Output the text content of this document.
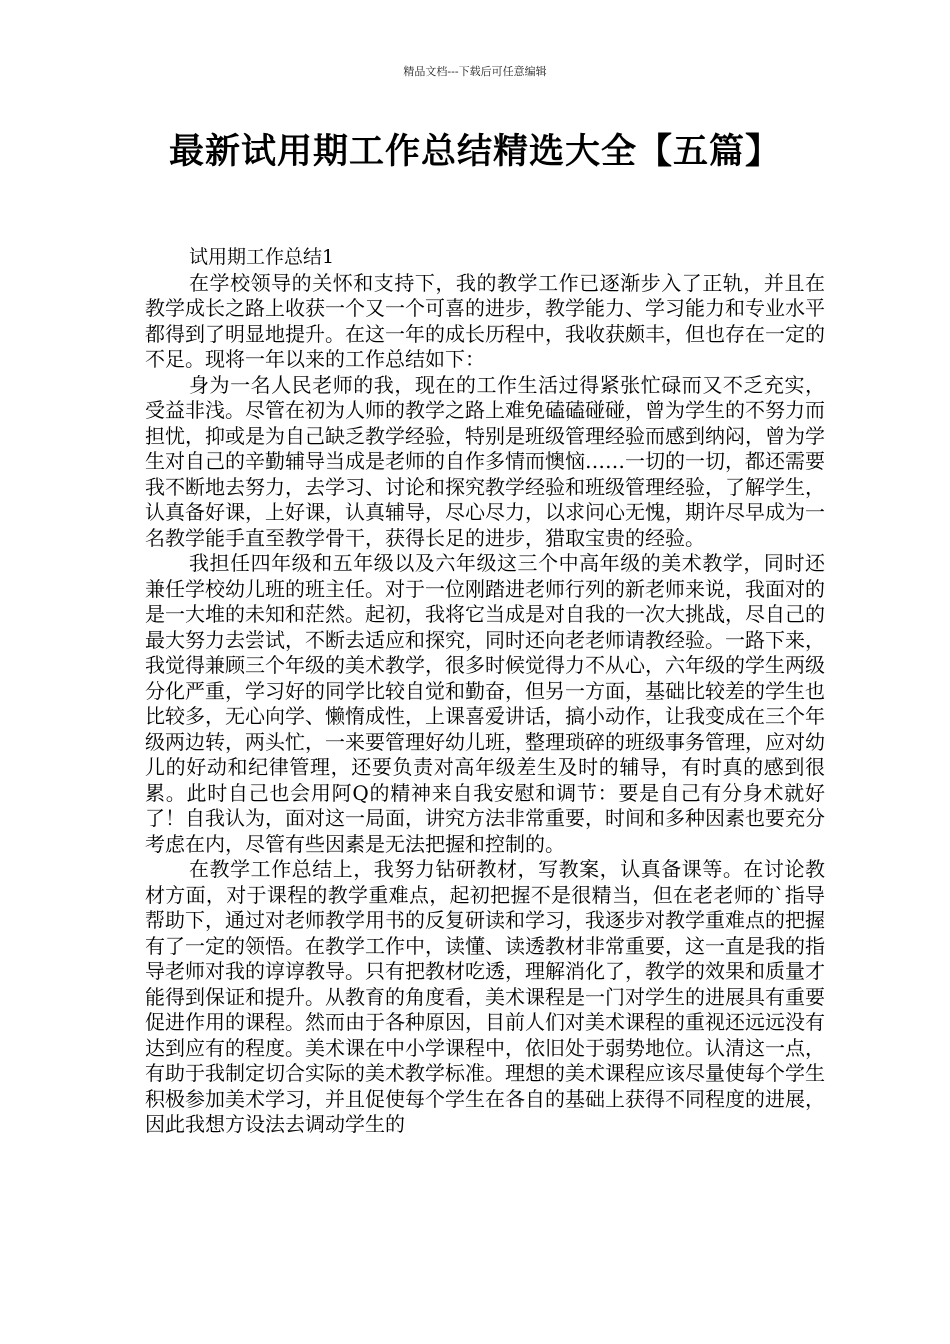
精品文档---下载后可任意编辑
最新试用期工作总结精选大全【五篇】
试用期工作总结1

在学校领导的关怀和支持下，我的教学工作已逐渐步入了正轨，并且在教学成长之路上收获一个又一个可喜的进步，教学能力、学习能力和专业水平都得到了明显地提升。在这一年的成长历程中，我收获颇丰，但也存在一定的不足。现将一年以来的工作总结如下：

身为一名人民老师的我，现在的工作生活过得紧张忙碌而又不乏充实，受益非浅。尽管在初为人师的教学之路上难免磕磕碰碰，曾为学生的不努力而担忧，抑或是为自己缺乏教学经验，特别是班级管理经验而感到纳闷，曾为学生对自己的辛勤辅导当成是老师的自作多情而懊恼……一切的一切，都还需要我不断地去努力，去学习、讨论和探究教学经验和班级管理经验，了解学生，认真备好课，上好课，认真辅导，尽心尽力，以求问心无愧，期许尽早成为一名教学能手直至教学骨干，获得长足的进步，猎取宝贵的经验。

我担任四年级和五年级以及六年级这三个中高年级的美术教学，同时还兼任学校幼儿班的班主任。对于一位刚踏进老师行列的新老师来说，我面对的是一大堆的未知和茫然。起初，我将它当成是对自我的一次大挑战，尽自己的最大努力去尝试，不断去适应和探究，同时还向老老师请教经验。一路下来，我觉得兼顾三个年级的美术教学，很多时候觉得力不从心，六年级的学生两级分化严重，学习好的同学比较自觉和勤奋，但另一方面，基础比较差的学生也比较多，无心向学、懒惰成性，上课喜爱讲话，搞小动作，让我变成在三个年级两边转，两头忙，一来要管理好幼儿班，整理琐碎的班级事务管理，应对幼儿的好动和纪律管理，还要负责对高年级差生及时的辅导，有时真的感到很累。此时自己也会用阿Q的精神来自我安慰和调节：要是自己有分身术就好了！自我认为，面对这一局面，讲究方法非常重要，时间和多种因素也要充分考虑在内，尽管有些因素是无法把握和控制的。

在教学工作总结上，我努力钻研教材，写教案，认真备课等。在讨论教材方面，对于课程的教学重难点，起初把握不是很精当，但在老老师的`指导帮助下，通过对老师教学用书的反复研读和学习，我逐步对教学重难点的把握有了一定的领悟。在教学工作中，读懂、读透教材非常重要，这一直是我的指导老师对我的谆谆教导。只有把教材吃透，理解消化了，教学的效果和质量才能得到保证和提升。从教育的角度看，美术课程是一门对学生的进展具有重要促进作用的课程。然而由于各种原因，目前人们对美术课程的重视还远远没有达到应有的程度。美术课在中小学课程中，依旧处于弱势地位。认清这一点，有助于我制定切合实际的美术教学标准。理想的美术课程应该尽量使每个学生积极参加美术学习，并且促使每个学生在各自的基础上获得不同程度的进展，因此我想方设法去调动学生的
